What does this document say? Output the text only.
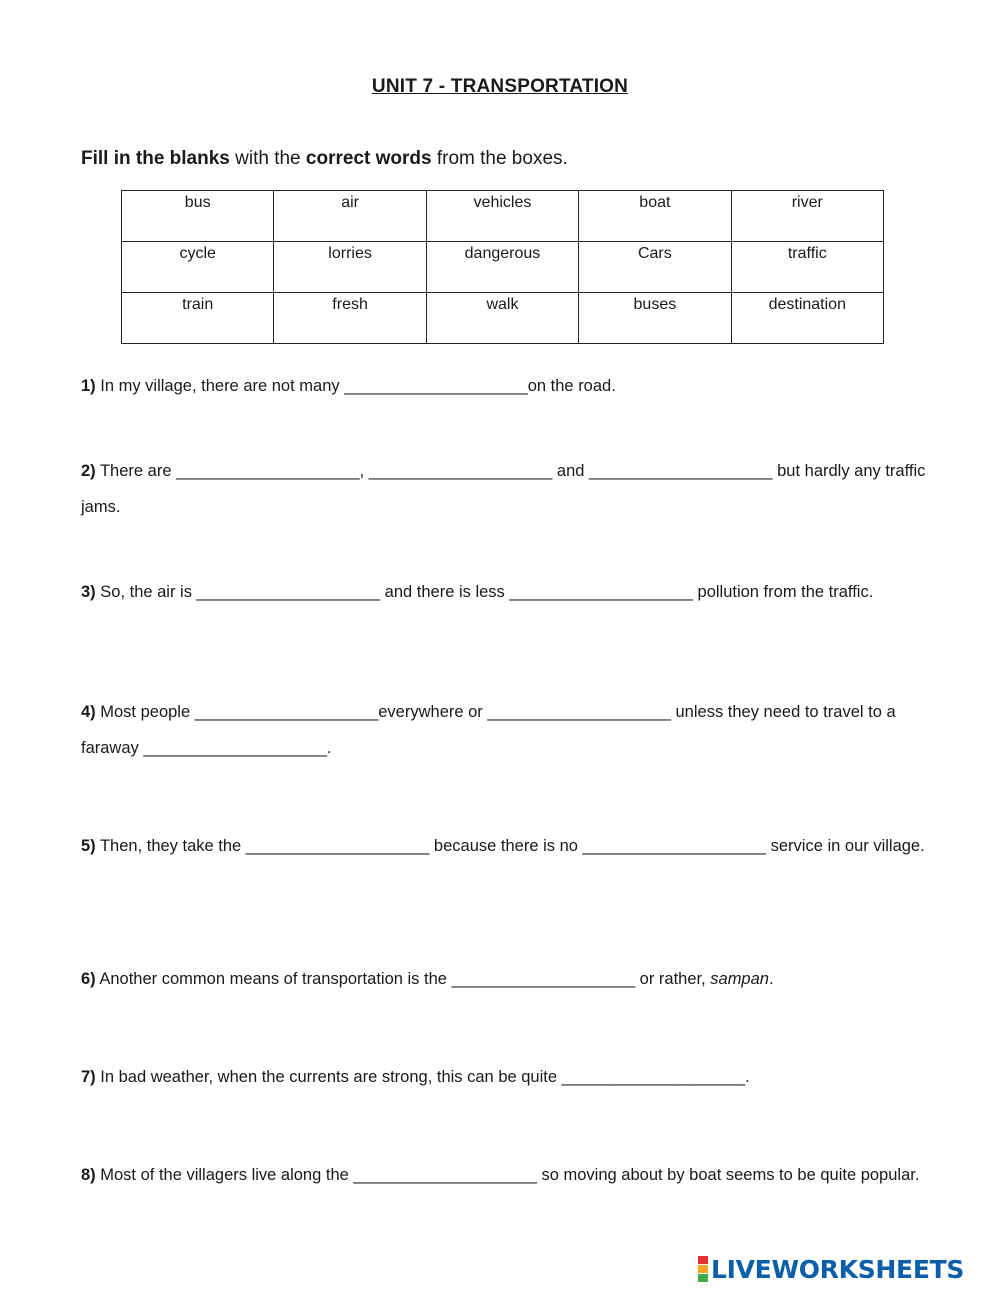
UNIT 7 - TRANSPORTATION
Fill in the blanks with the correct words from the boxes.
bus	air	vehicles	boat	river
cycle	lorries	dangerous	Cars	traffic
train	fresh	walk	buses	destination
1) In my village, there are not many ____________________on the road.
2) There are ____________________, ____________________ and ____________________ but hardly any traffic jams.
3) So, the air is ____________________ and there is less ____________________ pollution from the traffic.
4) Most people ____________________everywhere or ____________________ unless they need to travel to a faraway ____________________.
5) Then, they take the ____________________ because there is no ____________________ service in our village.
6) Another common means of transportation is the ____________________ or rather, sampan.
7) In bad weather, when the currents are strong, this can be quite ____________________.
8) Most of the villagers live along the ____________________ so moving about by boat seems to be quite popular.
LIVEWORKSHEETS
